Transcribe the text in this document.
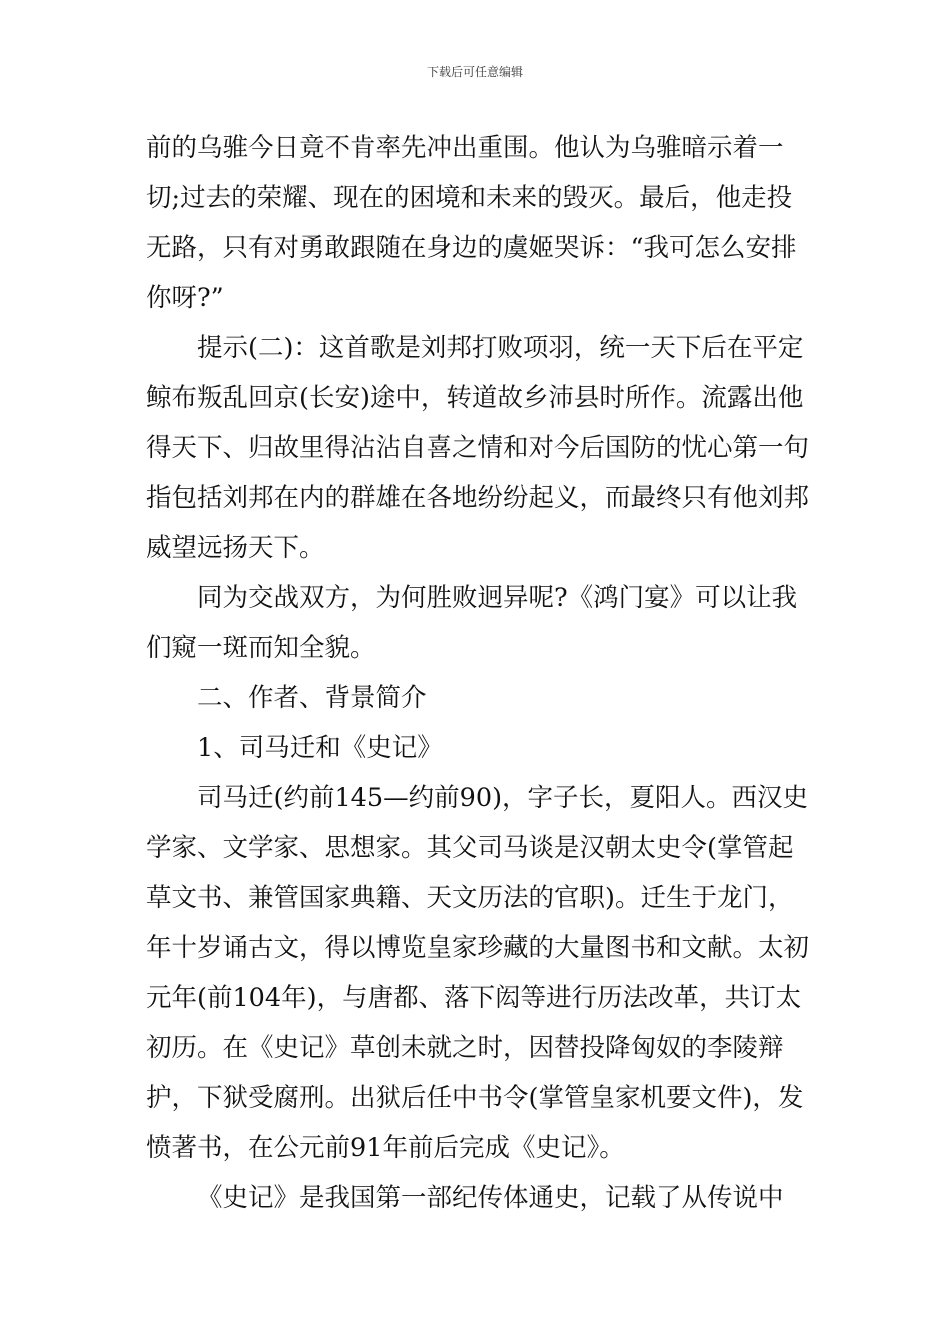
下载后可任意编辑

前的乌骓今日竟不肯率先冲出重围。他认为乌骓暗示着一切;过去的荣耀、现在的困境和未来的毁灭。最后，他走投无路，只有对勇敢跟随在身边的虞姬哭诉：“我可怎么安排你呀?”

提示(二)：这首歌是刘邦打败项羽，统一天下后在平定鲸布叛乱回京(长安)途中，转道故乡沛县时所作。流露出他得天下、归故里得沾沾自喜之情和对今后国防的忧心第一句指包括刘邦在内的群雄在各地纷纷起义，而最终只有他刘邦威望远扬天下。

同为交战双方，为何胜败迥异呢?《鸿门宴》可以让我们窥一斑而知全貌。

二、作者、背景简介

1、司马迁和《史记》

司马迁(约前145—约前90)，字子长，夏阳人。西汉史学家、文学家、思想家。其父司马谈是汉朝太史令(掌管起草文书、兼管国家典籍、天文历法的官职)。迁生于龙门，年十岁诵古文，得以博览皇家珍藏的大量图书和文献。太初元年(前104年)，与唐都、落下闳等进行历法改革，共订太初历。在《史记》草创未就之时，因替投降匈奴的李陵辩护，下狱受腐刑。出狱后任中书令(掌管皇家机要文件)，发愤著书，在公元前91年前后完成《史记》。

《史记》是我国第一部纪传体通史，记载了从传说中
